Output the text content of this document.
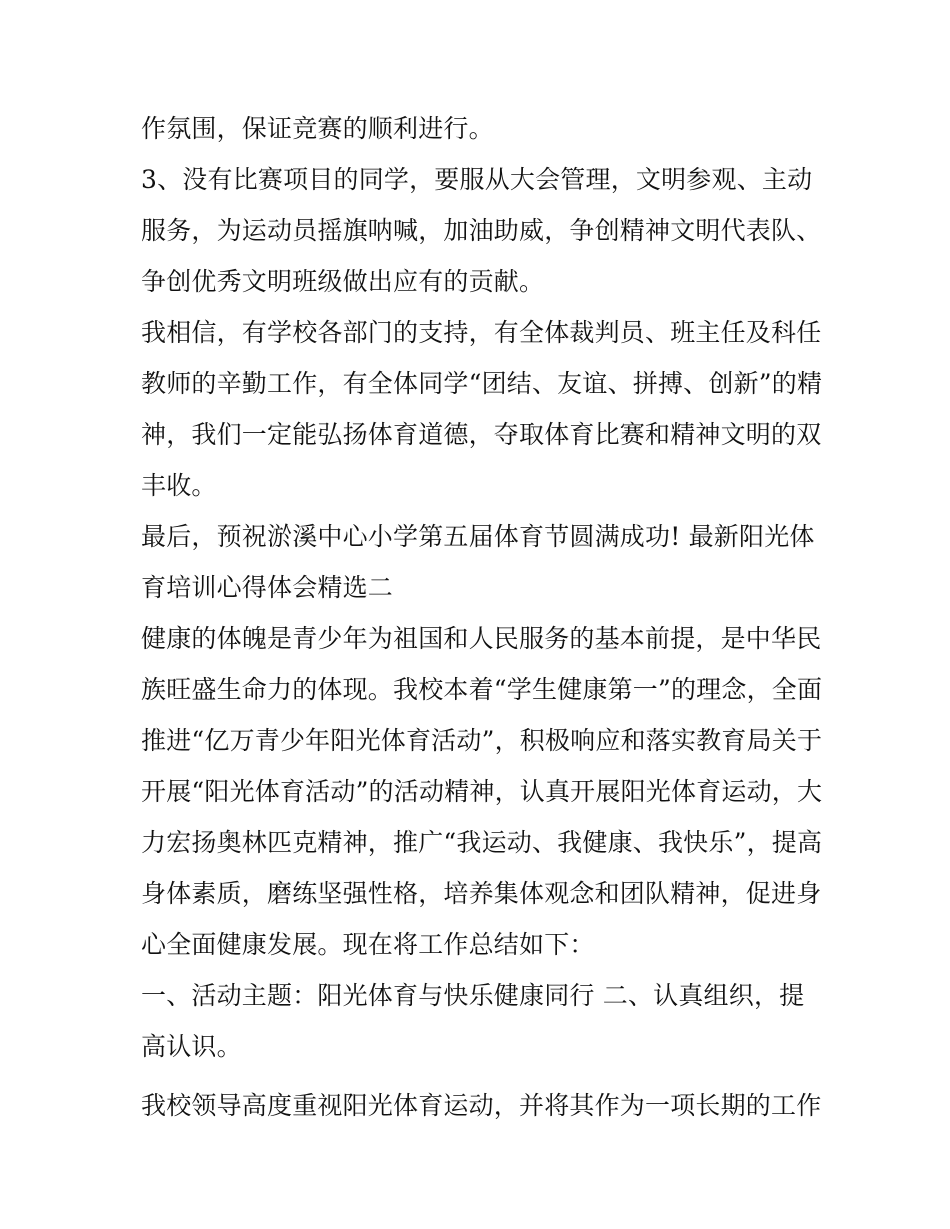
作氛围，保证竞赛的顺利进行。
3、没有比赛项目的同学，要服从大会管理，文明参观、主动
服务，为运动员摇旗呐喊，加油助威，争创精神文明代表队、
争创优秀文明班级做出应有的贡献。
我相信，有学校各部门的支持，有全体裁判员、班主任及科任
教师的辛勤工作，有全体同学“团结、友谊、拼搏、创新”的精
神，我们一定能弘扬体育道德，夺取体育比赛和精神文明的双
丰收。
最后，预祝淤溪中心小学第五届体育节圆满成功! 最新阳光体
育培训心得体会精选二
健康的体魄是青少年为祖国和人民服务的基本前提，是中华民
族旺盛生命力的体现。我校本着“学生健康第一”的理念，全面
推进“亿万青少年阳光体育活动”，积极响应和落实教育局关于
开展“阳光体育活动”的活动精神，认真开展阳光体育运动，大
力宏扬奥林匹克精神，推广“我运动、我健康、我快乐”，提高
身体素质，磨练坚强性格，培养集体观念和团队精神，促进身
心全面健康发展。现在将工作总结如下：
一、活动主题：阳光体育与快乐健康同行 二、认真组织，提
高认识。
我校领导高度重视阳光体育运动，并将其作为一项长期的工作
